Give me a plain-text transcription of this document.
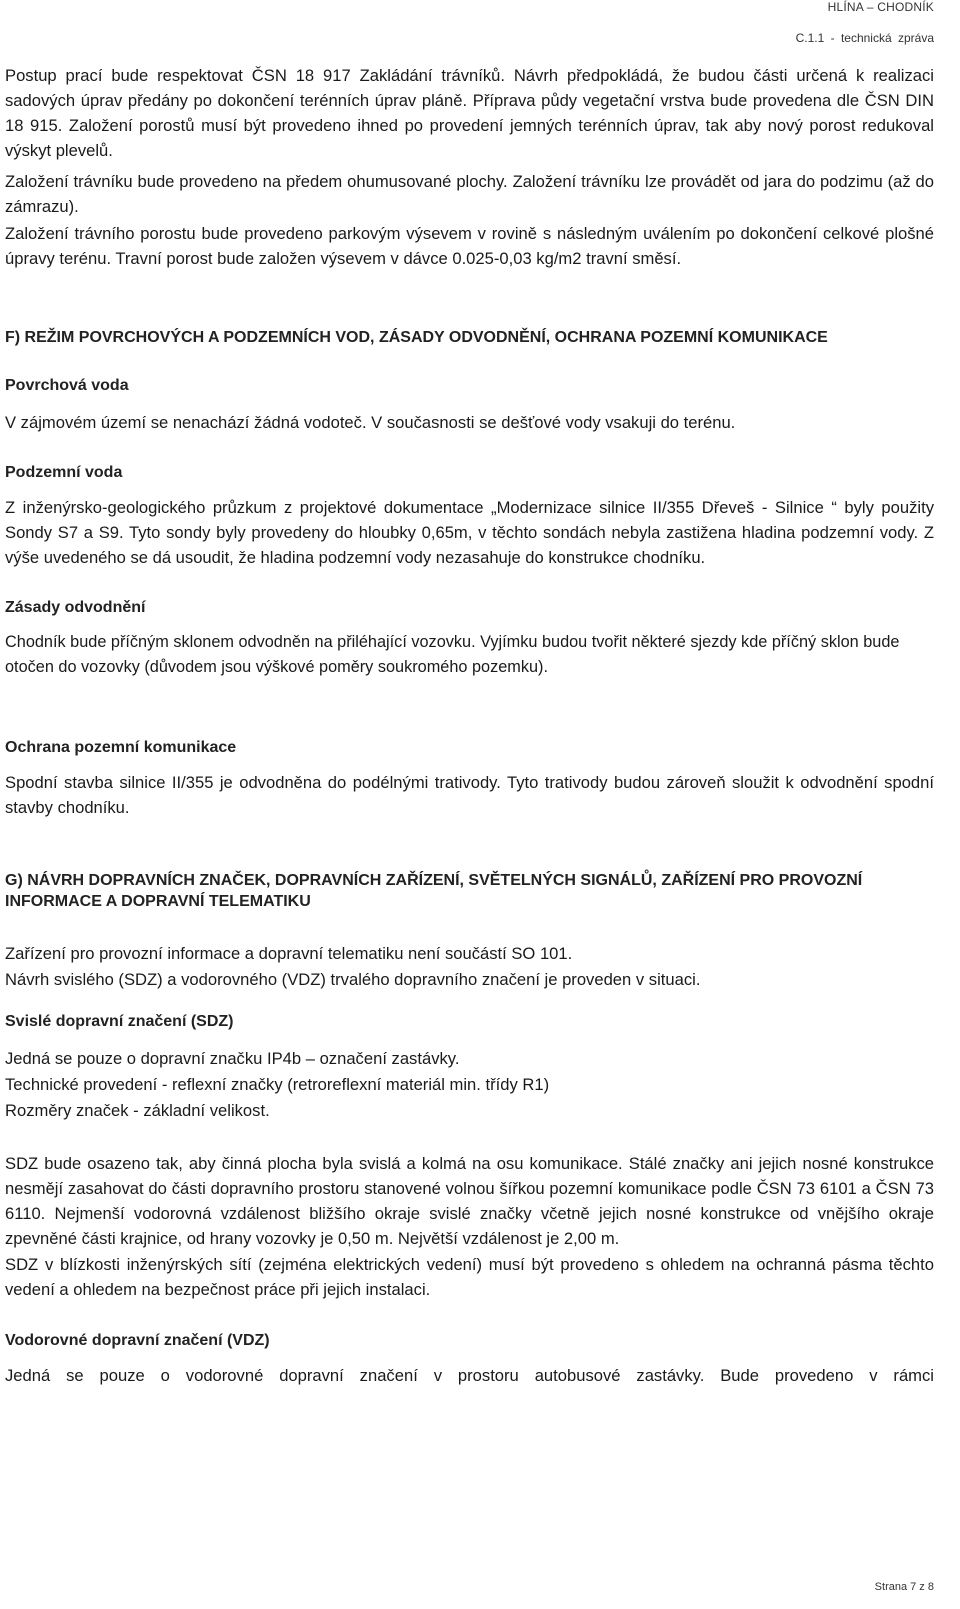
HLÍNA – CHODNÍK
C.1.1 - technická zpráva

Postup prací bude respektovat ČSN 18 917 Zakládání trávníků. Návrh předpokládá, že budou části určená k realizaci sadových úprav předány po dokončení terénních úprav pláně. Příprava půdy vegetační vrstva bude provedena dle ČSN DIN 18 915. Založení porostů musí být provedeno ihned po provedení jemných terénních úprav, tak aby nový porost redukoval výskyt plevelů.

Založení trávníku bude provedeno na předem ohumusované plochy. Založení trávníku lze provádět od jara do podzimu (až do zámrazu).

Založení trávního porostu bude provedeno parkovým výsevem v rovině s následným uválením po dokončení celkové plošné úpravy terénu. Travní porost bude založen výsevem v dávce 0.025-0,03 kg/m2 travní směsí.

F) REŽIM POVRCHOVÝCH A PODZEMNÍCH VOD, ZÁSADY ODVODNĚNÍ, OCHRANA POZEMNÍ KOMUNIKACE
Povrchová voda

V zájmovém území se nenachází žádná vodoteč. V současnosti se dešťové vody vsakuji do terénu.

Podzemní voda

Z inženýrsko-geologického průzkum z projektové dokumentace „Modernizace silnice II/355 Dřeveš - Silnice “ byly použity Sondy S7 a S9. Tyto sondy byly provedeny do hloubky 0,65m, v těchto sondách nebyla zastižena hladina podzemní vody. Z výše uvedeného se dá usoudit, že hladina podzemní vody nezasahuje do konstrukce chodníku.

Zásady odvodnění

Chodník bude příčným sklonem odvodněn na přiléhající vozovku. Vyjímku budou tvořit některé sjezdy kde příčný sklon bude otočen do vozovky (důvodem jsou výškové poměry soukromého pozemku).

Ochrana pozemní komunikace

Spodní stavba silnice II/355 je odvodněna do podélnými trativody. Tyto trativody budou zároveň sloužit k odvodnění spodní stavby chodníku.

G) NÁVRH DOPRAVNÍCH ZNAČEK, DOPRAVNÍCH ZAŘÍZENÍ, SVĚTELNÝCH SIGNÁLŮ, ZAŘÍZENÍ PRO PROVOZNÍ INFORMACE A DOPRAVNÍ TELEMATIKU

Zařízení pro provozní informace a dopravní telematiku není součástí SO 101.

Návrh svislého (SDZ) a vodorovného (VDZ) trvalého dopravního značení je proveden v situaci.

Svislé dopravní značení (SDZ)

Jedná se pouze o dopravní značku IP4b – označení zastávky.

Technické provedení - reflexní značky (retroreflexní materiál min. třídy R1)

Rozměry značek - základní velikost.

SDZ bude osazeno tak, aby činná plocha byla svislá a kolmá na osu komunikace. Stálé značky ani jejich nosné konstrukce nesmějí zasahovat do části dopravního prostoru stanovené volnou šířkou pozemní komunikace podle ČSN 73 6101 a ČSN 73 6110. Nejmenší vodorovná vzdálenost bližšího okraje svislé značky včetně jejich nosné konstrukce od vnějšího okraje zpevněné části krajnice, od hrany vozovky je 0,50 m. Největší vzdálenost je 2,00 m.

SDZ v blízkosti inženýrských sítí (zejména elektrických vedení) musí být provedeno s ohledem na ochranná pásma těchto vedení a ohledem na bezpečnost práce při jejich instalaci.

Vodorovné dopravní značení (VDZ)

Jedná se pouze o vodorovné dopravní značení v prostoru autobusové zastávky. Bude provedeno v rámci

Strana 7 z 8
